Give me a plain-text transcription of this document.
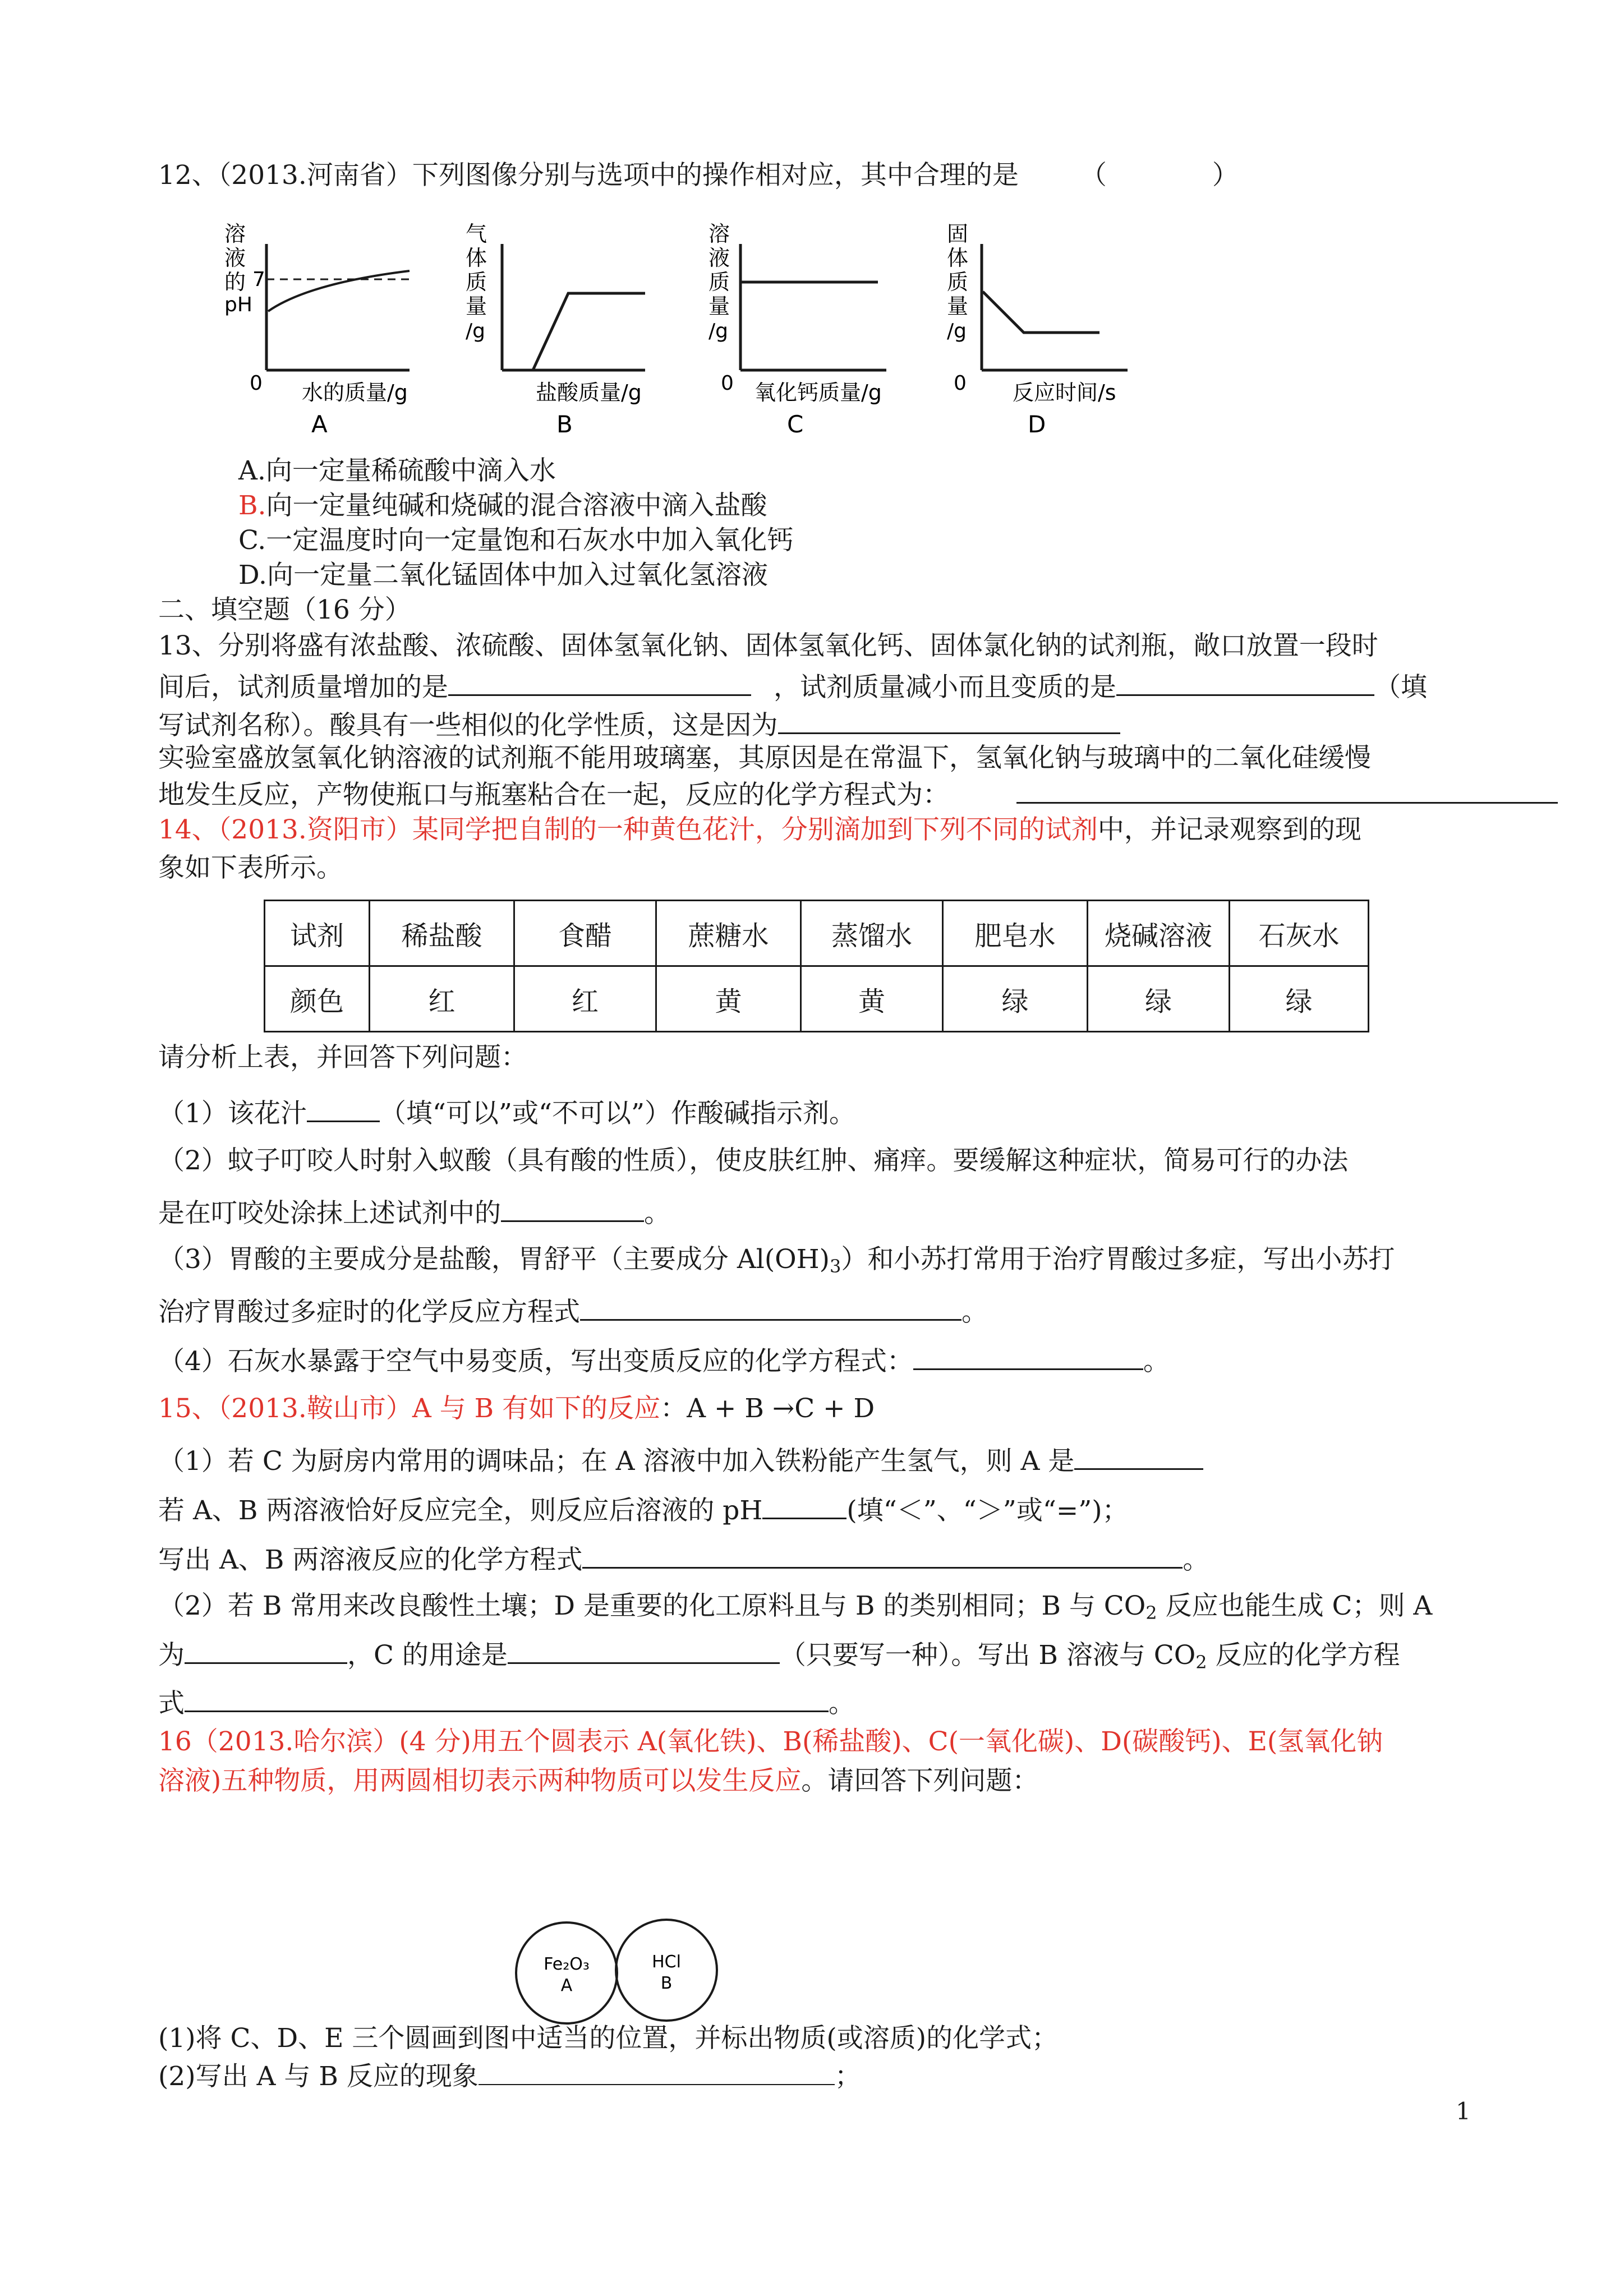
12、（2013.河南省）下列图像分别与选项中的操作相对应，其中合理的是 （　　　　）
溶
液
的
pH
7
0 水的质量/g
A
气
体
质
量
/g
盐酸质量/g
B
溶
液
质
量
/g
0 氧化钙质量/g
C
固
体
质
量
/g
0 反应时间/s
D
A.向一定量稀硫酸中滴入水
B.向一定量纯碱和烧碱的混合溶液中滴入盐酸
C.一定温度时向一定量饱和石灰水中加入氧化钙
D.向一定量二氧化锰固体中加入过氧化氢溶液
二、填空题（16 分）
13、分别将盛有浓盐酸、浓硫酸、固体氢氧化钠、固体氢氧化钙、固体氯化钠的试剂瓶，敞口放置一段时
间后，试剂质量增加的是	，试剂质量减小而且变质的是	（填
写试剂名称）。酸具有一些相似的化学性质，这是因为
实验室盛放氢氧化钠溶液的试剂瓶不能用玻璃塞，其原因是在常温下，氢氧化钠与玻璃中的二氧化硅缓慢
地发生反应，产物使瓶口与瓶塞粘合在一起，反应的化学方程式为：
14、（2013.资阳市）某同学把自制的一种黄色花汁，分别滴加到下列不同的试剂中，并记录观察到的现
象如下表所示。
试剂	稀盐酸	食醋	蔗糖水	蒸馏水	肥皂水	烧碱溶液	石灰水
颜色	红	红	黄	黄	绿	绿	绿
请分析上表，并回答下列问题：
（1）该花汁	（填“可以”或“不可以”）作酸碱指示剂。
（2）蚊子叮咬人时射入蚁酸（具有酸的性质），使皮肤红肿、痛痒。要缓解这种症状，简易可行的办法
是在叮咬处涂抹上述试剂中的	。
（3）胃酸的主要成分是盐酸，胃舒平（主要成分 $Al(OH)_3$）和小苏打常用于治疗胃酸过多症，写出小苏打
治疗胃酸过多症时的化学反应方程式	。
（4）石灰水暴露于空气中易变质，写出变质反应的化学方程式：	。
15、（2013.鞍山市）A 与 B 有如下的反应：A + B →C + D
（1）若 C 为厨房内常用的调味品；在 A 溶液中加入铁粉能产生氢气，则 A 是
若 A、B 两溶液恰好反应完全，则反应后溶液的 pH	(填“＜”、“＞”或“=”)；
写出 A、B 两溶液反应的化学方程式	。
（2）若 B 常用来改良酸性土壤；D 是重要的化工原料且与 B 的类别相同；B 与 $CO_2$ 反应也能生成 C；则 A
为	，C 的用途是	（只要写一种）。写出 B 溶液与 $CO_2$ 反应的化学方程
式	。
16（2013.哈尔滨）(4 分)用五个圆表示 A(氧化铁)、B(稀盐酸)、C(一氧化碳)、D(碳酸钙)、E(氢氧化钠
溶液)五种物质，用两圆相切表示两种物质可以发生反应。请回答下列问题：
Fe₂O₃
A
HCl
B
(1)将 C、D、E 三个圆画到图中适当的位置，并标出物质(或溶质)的化学式；
(2)写出 A 与 B 反应的现象	；
1
